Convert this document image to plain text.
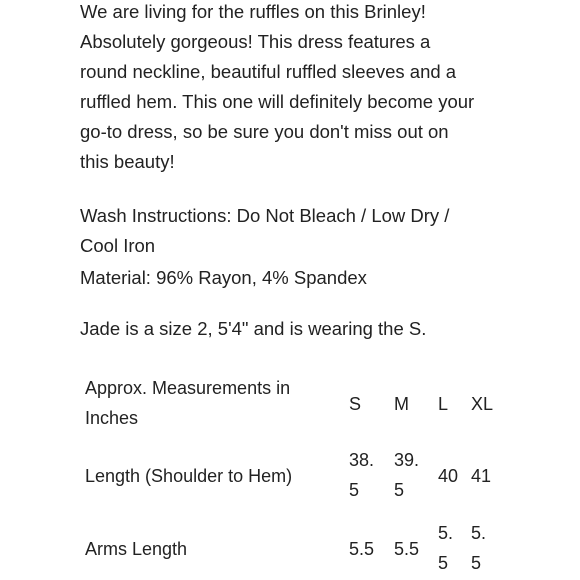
We are living for the ruffles on this Brinley!
Absolutely gorgeous! This dress features a
round neckline, beautiful ruffled sleeves and a
ruffled hem. This one will definitely become your
go-to dress, so be sure you don't miss out on
this beauty!

Wash Instructions: Do Not Bleach / Low Dry /
Cool Iron

Material: 96% Rayon, 4% Spandex

Jade is a size 2, 5'4" and is wearing the S.

Approx. Measurements in
Inches
S M L XL
Length (Shoulder to Hem)
38.
5
39.
5
40 41
Arms Length	5.5 5.5
5.
5
5.
5
